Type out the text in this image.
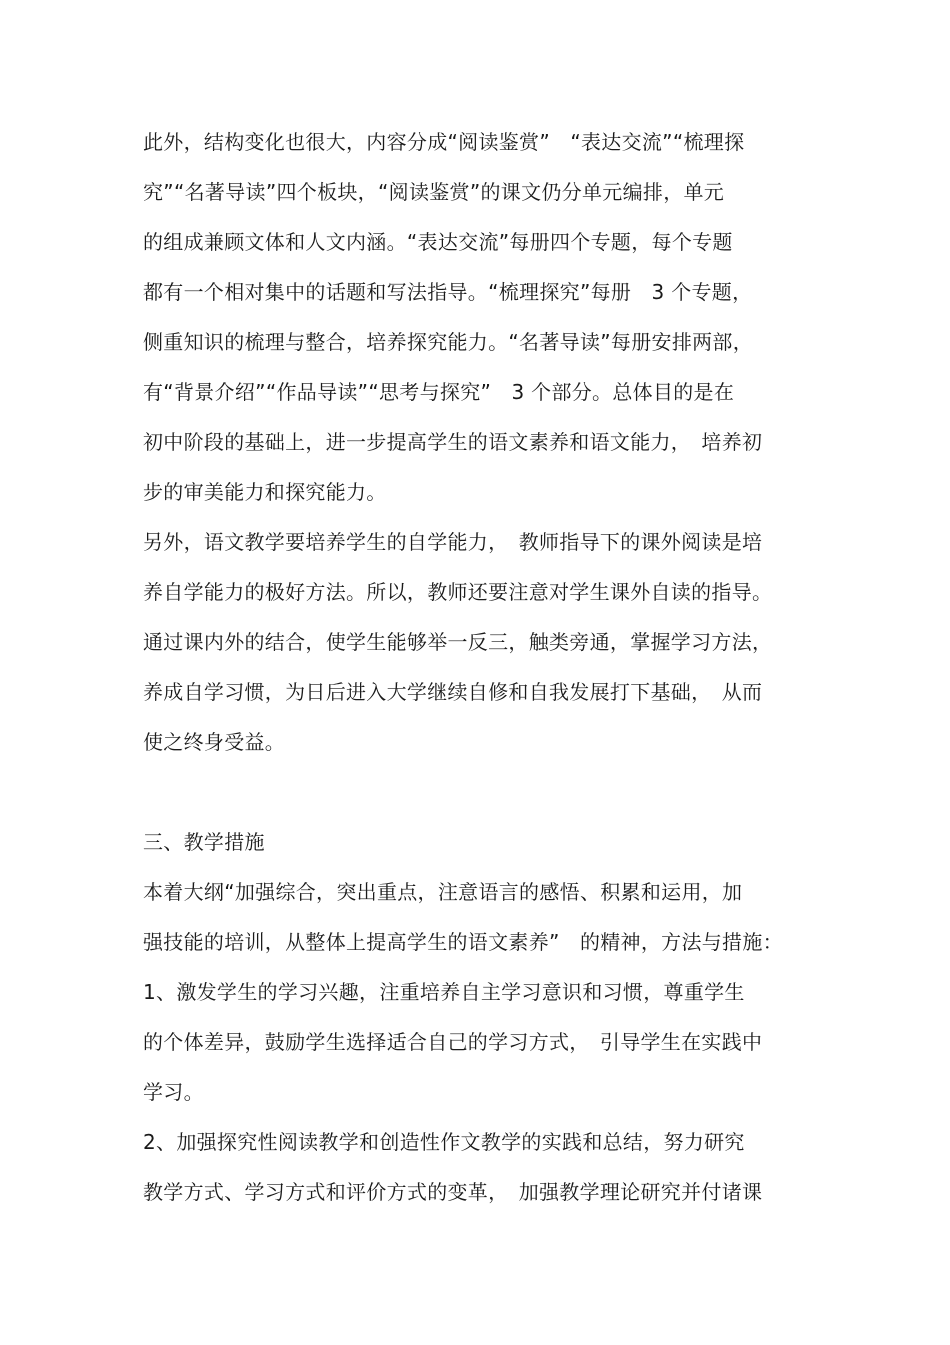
此外，结构变化也很大，内容分成“阅读鉴赏”　“表达交流”“梳理探
究”“名著导读”四个板块，“阅读鉴赏”的课文仍分单元编排，单元
的组成兼顾文体和人文内涵。“表达交流”每册四个专题，每个专题
都有一个相对集中的话题和写法指导。“梳理探究”每册　3 个专题，
侧重知识的梳理与整合，培养探究能力。“名著导读”每册安排两部，
有“背景介绍”“作品导读”“思考与探究”　3 个部分。总体目的是在
初中阶段的基础上，进一步提高学生的语文素养和语文能力，　培养初
步的审美能力和探究能力。
另外，语文教学要培养学生的自学能力，　教师指导下的课外阅读是培
养自学能力的极好方法。所以，教师还要注意对学生课外自读的指导。
通过课内外的结合，使学生能够举一反三，触类旁通，掌握学习方法，
养成自学习惯，为日后进入大学继续自修和自我发展打下基础，　从而
使之终身受益。
三、教学措施
本着大纲“加强综合，突出重点，注意语言的感悟、积累和运用，加
强技能的培训，从整体上提高学生的语文素养”　的精神，方法与措施：
1、激发学生的学习兴趣，注重培养自主学习意识和习惯，尊重学生
的个体差异，鼓励学生选择适合自己的学习方式，　引导学生在实践中
学习。
2、加强探究性阅读教学和创造性作文教学的实践和总结，努力研究
教学方式、学习方式和评价方式的变革，　加强教学理论研究并付诸课
